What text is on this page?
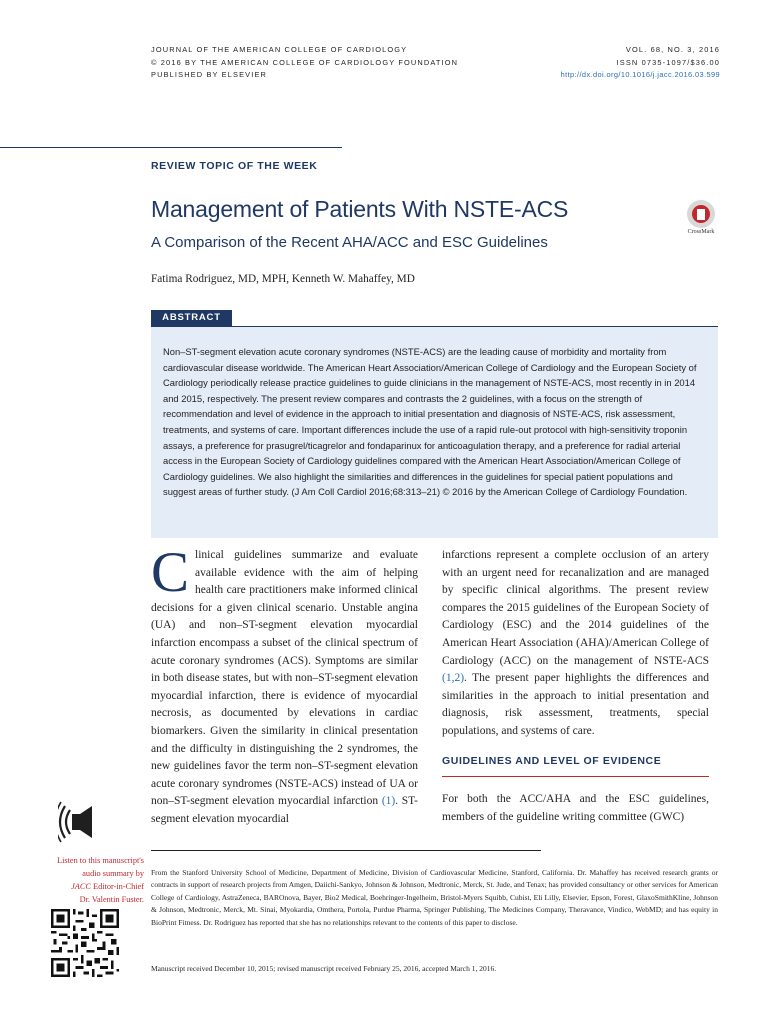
JOURNAL OF THE AMERICAN COLLEGE OF CARDIOLOGY
© 2016 BY THE AMERICAN COLLEGE OF CARDIOLOGY FOUNDATION
PUBLISHED BY ELSEVIER
VOL. 68, NO. 3, 2016
ISSN 0735-1097/$36.00
http://dx.doi.org/10.1016/j.jacc.2016.03.599
REVIEW TOPIC OF THE WEEK
Management of Patients With NSTE-ACS
A Comparison of the Recent AHA/ACC and ESC Guidelines
CrossMark
Fatima Rodriguez, MD, MPH, Kenneth W. Mahaffey, MD
ABSTRACT
Non–ST-segment elevation acute coronary syndromes (NSTE-ACS) are the leading cause of morbidity and mortality from cardiovascular disease worldwide. The American Heart Association/American College of Cardiology and the European Society of Cardiology periodically release practice guidelines to guide clinicians in the management of NSTE-ACS, most recently in in 2014 and 2015, respectively. The present review compares and contrasts the 2 guidelines, with a focus on the strength of recommendation and level of evidence in the approach to initial presentation and diagnosis of NSTE-ACS, risk assessment, treatments, and systems of care. Important differences include the use of a rapid rule-out protocol with high-sensitivity troponin assays, a preference for prasugrel/ticagrelor and fondaparinux for anticoagulation therapy, and a preference for radial arterial access in the European Society of Cardiology guidelines compared with the American Heart Association/American College of Cardiology guidelines. We also highlight the similarities and differences in the guidelines for special patient populations and suggest areas of further study. (J Am Coll Cardiol 2016;68:313–21) © 2016 by the American College of Cardiology Foundation.

Clinical guidelines summarize and evaluate available evidence with the aim of helping health care practitioners make informed clinical decisions for a given clinical scenario. Unstable angina (UA) and non–ST-segment elevation myocardial infarction encompass a subset of the clinical spectrum of acute coronary syndromes (ACS). Symptoms are similar in both disease states, but with non–ST-segment elevation myocardial infarction, there is evidence of myocardial necrosis, as documented by elevations in cardiac biomarkers. Given the similarity in clinical presentation and the difficulty in distinguishing the 2 syndromes, the new guidelines favor the term non–ST-segment elevation acute coronary syndromes (NSTE-ACS) instead of UA or non–ST-segment elevation myocardial infarction (1). ST-segment elevation myocardial

infarctions represent a complete occlusion of an artery with an urgent need for recanalization and are managed by specific clinical algorithms. The present review compares the 2015 guidelines of the European Society of Cardiology (ESC) and the 2014 guidelines of the American Heart Association (AHA)/American College of Cardiology (ACC) on the management of NSTE-ACS (1,2). The present paper highlights the differences and similarities in the approach to initial presentation and diagnosis, risk assessment, treatments, special populations, and systems of care.

GUIDELINES AND LEVEL OF EVIDENCE

For both the ACC/AHA and the ESC guidelines, members of the guideline writing committee (GWC)

Listen to this manuscript's
audio summary by
JACC Editor-in-Chief
Dr. Valentin Fuster.
From the Stanford University School of Medicine, Department of Medicine, Division of Cardiovascular Medicine, Stanford, California. Dr. Mahaffey has received research grants or contracts in support of research projects from Amgen, Daiichi-Sankyo, Johnson & Johnson, Medtronic, Merck, St. Jude, and Tenax; has provided consultancy or other services for American College of Cardiology, AstraZeneca, BAROnova, Bayer, Bio2 Medical, Boehringer-Ingelheim, Bristol-Myers Squibb, Cubist, Eli Lilly, Elsevier, Epson, Forest, GlaxoSmithKline, Johnson & Johnson, Medtronic, Merck, Mt. Sinai, Myokardia, Omthera, Portola, Purdue Pharma, Springer Publishing, The Medicines Company, Theravance, Vindico, WebMD; and has equity in BioPrint Fitness. Dr. Rodriguez has reported that she has no relationships relevant to the contents of this paper to disclose.
Manuscript received December 10, 2015; revised manuscript received February 25, 2016, accepted March 1, 2016.
